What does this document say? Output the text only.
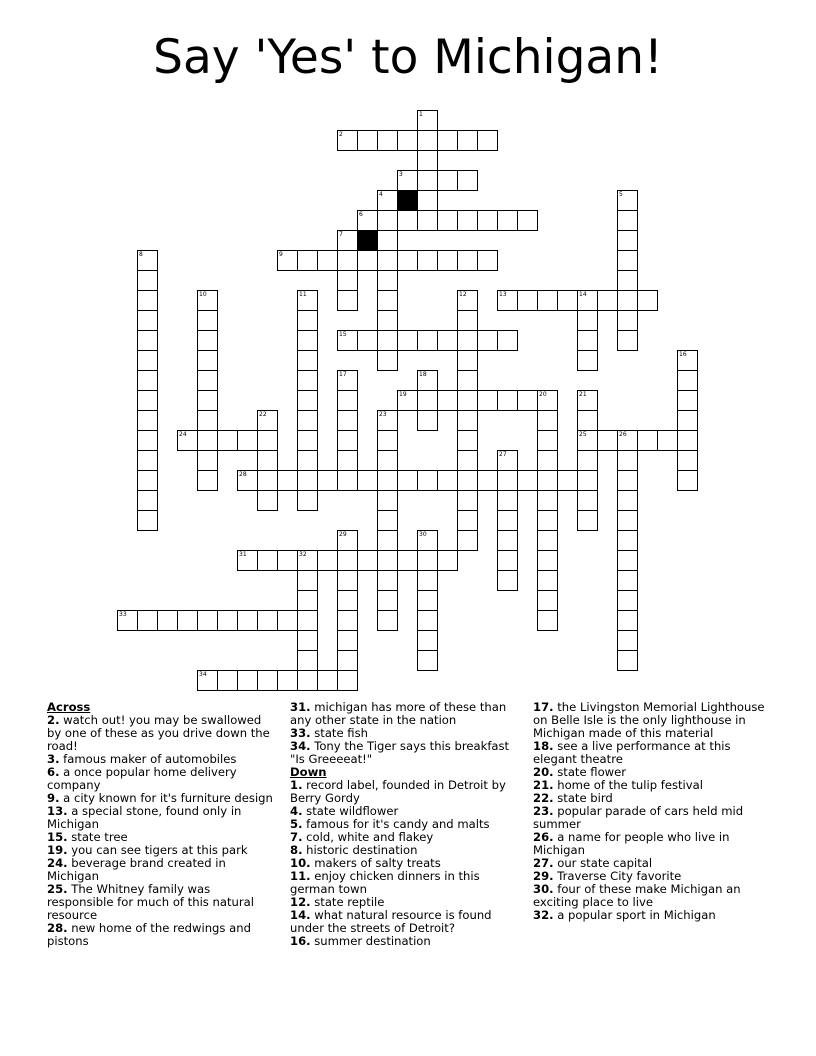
Say 'Yes' to Michigan!
2
3
6
9
13	14
15
19	20
24	25	26
28
31	32
33
34
1
4	5
7
8
10	11	12
16
17	18
21
22	23
27
29	30
Across
2. watch out! you may be swallowed by one of these as you drive down the road!
3. famous maker of automobiles
6. a once popular home delivery company
9. a city known for it's furniture design
13. a special stone, found only in Michigan
15. state tree
19. you can see tigers at this park
24. beverage brand created in Michigan
25. The Whitney family was responsible for much of this natural resource
28. new home of the redwings and pistons
31. michigan has more of these than any other state in the nation
33. state fish
34. Tony the Tiger says this breakfast "Is Greeeeat!"
Down
1. record label, founded in Detroit by Berry Gordy
4. state wildflower
5. famous for it's candy and malts
7. cold, white and flakey
8. historic destination
10. makers of salty treats
11. enjoy chicken dinners in this german town
12. state reptile
14. what natural resource is found under the streets of Detroit?
16. summer destination
17. the Livingston Memorial Lighthouse on Belle Isle is the only lighthouse in Michigan made of this material
18. see a live performance at this elegant theatre
20. state flower
21. home of the tulip festival
22. state bird
23. popular parade of cars held mid summer
26. a name for people who live in Michigan
27. our state capital
29. Traverse City favorite
30. four of these make Michigan an exciting place to live
32. a popular sport in Michigan
